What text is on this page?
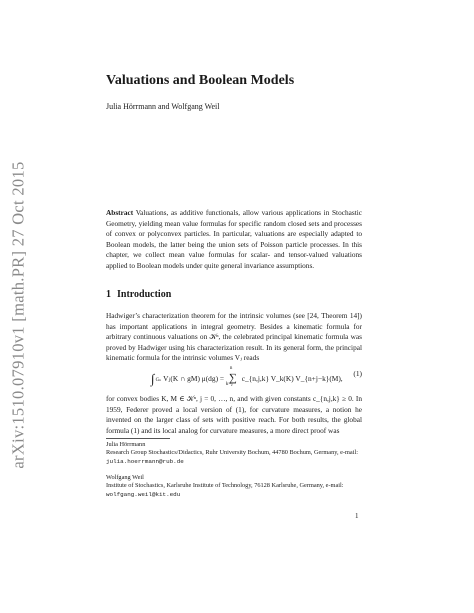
arXiv:1510.07910v1 [math.PR] 27 Oct 2015
Valuations and Boolean Models
Julia Hörrmann and Wolfgang Weil

Abstract Valuations, as additive functionals, allow various applications in Stochastic Geometry, yielding mean value formulas for specific random closed sets and processes of convex or polyconvex particles. In particular, valuations are especially adapted to Boolean models, the latter being the union sets of Poisson particle processes. In this chapter, we collect mean value formulas for scalar- and tensor-valued valuations applied to Boolean models under quite general invariance assumptions.

1 Introduction

Hadwiger’s characterization theorem for the intrinsic volumes (see [24, Theorem 14]) has important applications in integral geometry. Besides a kinematic formula for arbitrary continuous valuations on 𝒦ⁿ, the celebrated principal kinematic formula was proved by Hadwiger using his characterization result. In its general form, the principal kinematic formula for the intrinsic volumes Vⱼ reads

∫Gₙ Vⱼ(K ∩ gM) μ(dg) =
n
∑
k=j
c_{n,j,k} V_k(K) V_{n+j−k}(M),
(1)

for convex bodies K, M ∈ 𝒦ⁿ, j = 0, …, n, and with given constants c_{n,j,k} ≥ 0. In 1959, Federer proved a local version of (1), for curvature measures, a notion he invented on the larger class of sets with positive reach. For both results, the global formula (1) and its local analog for curvature measures, a more direct proof was

Julia Hörrmann
Research Group Stochastics/Didactics, Ruhr University Bochum, 44780 Bochum, Germany, e-mail: julia.hoerrmann@rub.de

Wolfgang Weil
Institute of Stochastics, Karlsruhe Institute of Technology, 76128 Karlsruhe, Germany, e-mail: wolfgang.weil@kit.edu

1
